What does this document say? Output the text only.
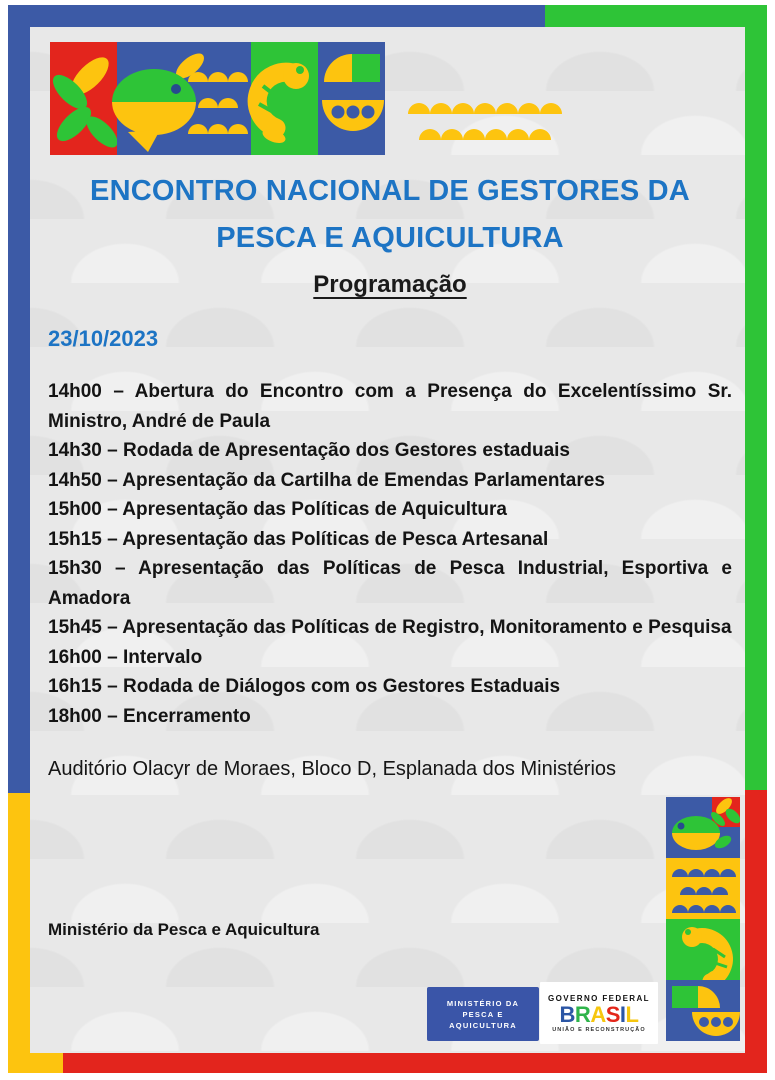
ENCONTRO NACIONAL DE GESTORES DA
PESCA E AQUICULTURA
Programação
23/10/2023

14h00 – Abertura do Encontro com a Presença do Excelentíssimo Sr. Ministro, André de Paula

14h30 – Rodada de Apresentação dos Gestores estaduais

14h50 – Apresentação da Cartilha de Emendas Parlamentares

15h00 – Apresentação das Políticas de Aquicultura

15h15 – Apresentação das Políticas de Pesca Artesanal

15h30 – Apresentação das Políticas de Pesca Industrial, Esportiva e Amadora

15h45 – Apresentação das Políticas de Registro, Monitoramento e Pesquisa

16h00 – Intervalo

16h15 – Rodada de Diálogos com os Gestores Estaduais

18h00 – Encerramento

Auditório Olacyr de Moraes, Bloco D, Esplanada dos Ministérios

Ministério da Pesca e Aquicultura
MINISTÉRIO DA
PESCA E
AQUICULTURA
GOVERNO FEDERAL
BRASIL
UNIÃO E RECONSTRUÇÃO
